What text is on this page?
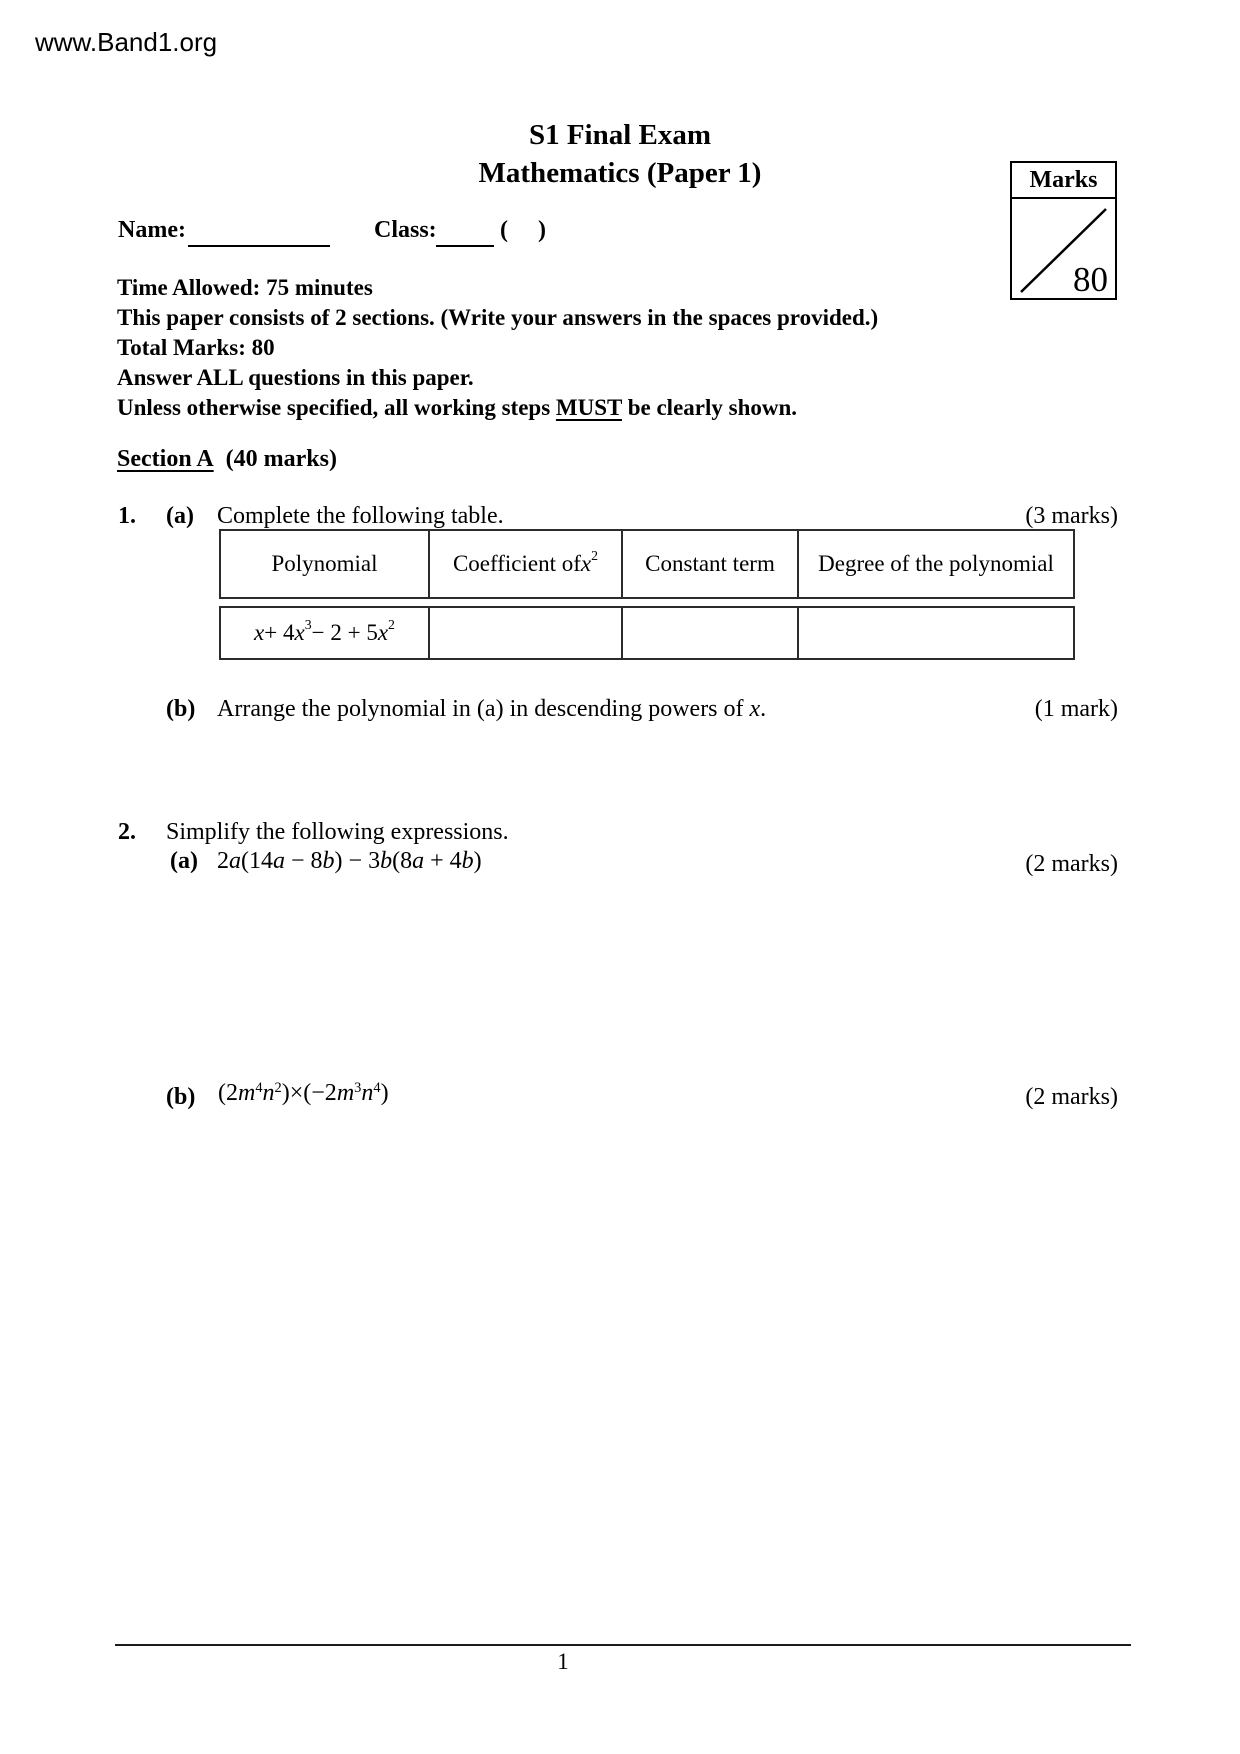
www.Band1.org
S1 Final Exam
Mathematics (Paper 1)	Marks
80
Name:	Class:	(     )
Time Allowed: 75 minutes
This paper consists of 2 sections. (Write your answers in the spaces provided.)
Total Marks: 80
Answer ALL questions in this paper.
Unless otherwise specified, all working steps MUST be clearly shown.
Section A (40 marks)
1. (a) Complete the following table.	(3 marks)
Polynomial	Coefficient of $x^2$	Constant term	Degree of the polynomial
x + 4 $x^3 - 2 + 5$ $x^2$
(b) Arrange the polynomial in (a) in descending powers of x.	(1 mark)
2. Simplify the following expressions.
(a) 2a(14a − 8b) − 3b(8a + 4b)	(2 marks)
(b) $(2m^4n^2)\times(-2m^3n^4)$	(2 marks)
1
